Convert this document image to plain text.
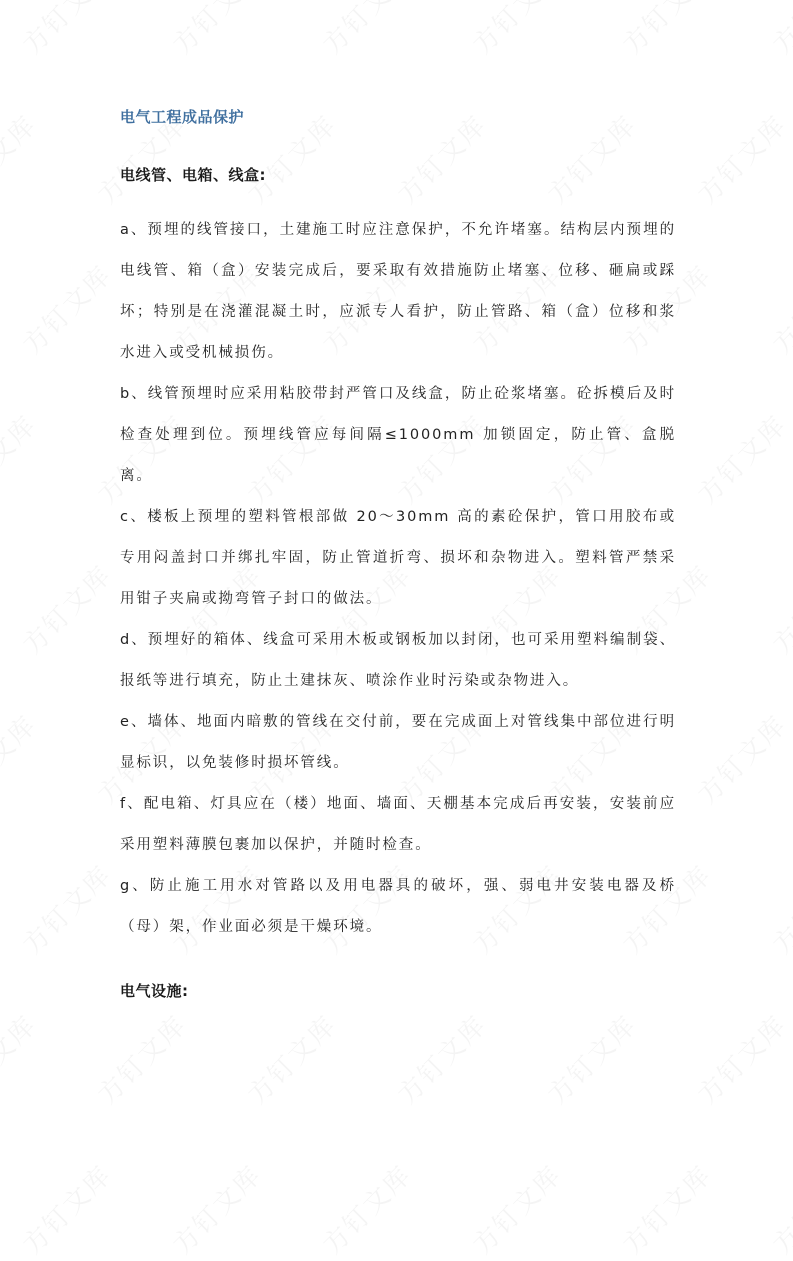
电气工程成品保护
电线管、电箱、线盒:

a、预埋的线管接口，土建施工时应注意保护，不允许堵塞。结构层内预埋的电线管、箱（盒）安装完成后，要采取有效措施防止堵塞、位移、砸扁或踩坏；特别是在浇灌混凝土时，应派专人看护，防止管路、箱（盒）位移和浆水进入或受机械损伤。

b、线管预埋时应采用粘胶带封严管口及线盒，防止砼浆堵塞。砼拆模后及时检查处理到位。预埋线管应每间隔≤1000mm 加锁固定，防止管、盒脱离。

c、楼板上预埋的塑料管根部做 20～30mm 高的素砼保护，管口用胶布或专用闷盖封口并绑扎牢固，防止管道折弯、损坏和杂物进入。塑料管严禁采用钳子夹扁或拗弯管子封口的做法。

d、预埋好的箱体、线盒可采用木板或钢板加以封闭，也可采用塑料编制袋、报纸等进行填充，防止土建抹灰、喷涂作业时污染或杂物进入。

e、墙体、地面内暗敷的管线在交付前，要在完成面上对管线集中部位进行明显标识，以免装修时损坏管线。

f、配电箱、灯具应在（楼）地面、墙面、天棚基本完成后再安装，安装前应采用塑料薄膜包裹加以保护，并随时检查。

g、防止施工用水对管路以及用电器具的破坏，强、弱电井安装电器及桥（母）架，作业面必须是干燥环境。

电气设施:
